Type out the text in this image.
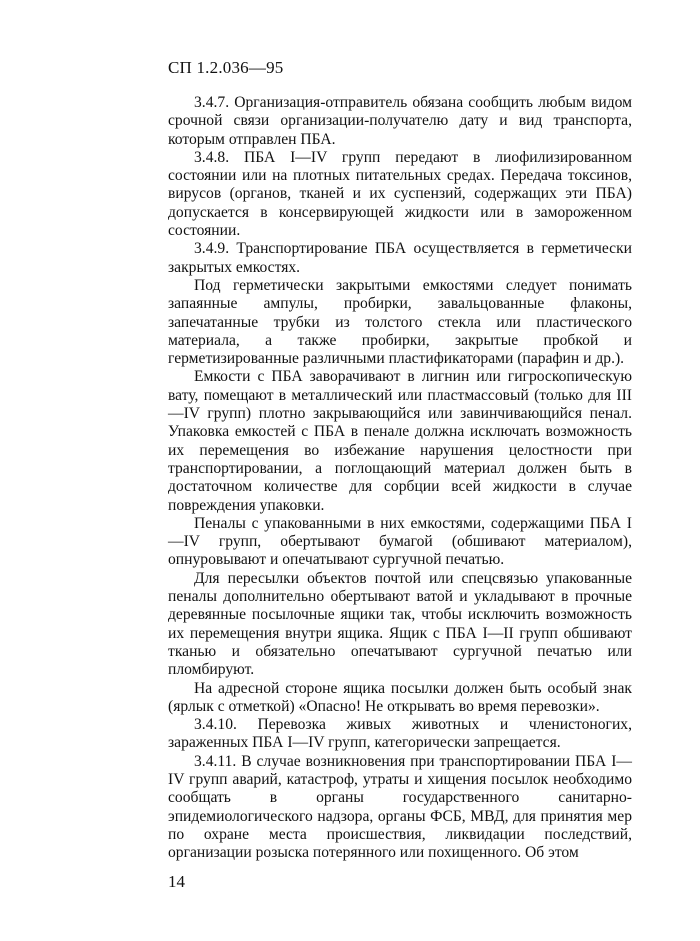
СП 1.2.036—95

3.4.7. Организация-отправитель обязана сообщить любым видом срочной связи организации-получателю дату и вид транспорта, которым отправлен ПБА.

3.4.8. ПБА I—IV групп передают в лиофилизированном состоянии или на плотных питательных средах. Передача токсинов, вирусов (органов, тканей и их суспензий, содержащих эти ПБА) допускается в консервирующей жидкости или в замороженном состоянии.

3.4.9. Транспортирование ПБА осуществляется в герметически закрытых емкостях.

Под герметически закрытыми емкостями следует понимать запаянные ампулы, пробирки, завальцованные флаконы, запечатанные трубки из толстого стекла или пластического материала, а также пробирки, закрытые пробкой и герметизированные различными пластификаторами (парафин и др.).

Емкости с ПБА заворачивают в лигнин или гигроскопическую вату, помещают в металлический или пластмассовый (только для III—IV групп) плотно закрывающийся или завинчивающийся пенал. Упаковка емкостей с ПБА в пенале должна исключать возможность их перемещения во избежание нарушения целостности при транспортировании, а поглощающий материал должен быть в достаточном количестве для сорбции всей жидкости в случае повреждения упаковки.

Пеналы с упакованными в них емкостями, содержащими ПБА I—IV групп, обертывают бумагой (обшивают материалом), опнуровывают и опечатывают сургучной печатью.

Для пересылки объектов почтой или спецсвязью упакованные пеналы дополнительно обертывают ватой и укладывают в прочные деревянные посылочные ящики так, чтобы исключить возможность их перемещения внутри ящика. Ящик с ПБА I—II групп обшивают тканью и обязательно опечатывают сургучной печатью или пломбируют.

На адресной стороне ящика посылки должен быть особый знак (ярлык с отметкой) «Опасно! Не открывать во время перевозки».

3.4.10. Перевозка живых животных и членистоногих, зараженных ПБА I—IV групп, категорически запрещается.

3.4.11. В случае возникновения при транспортировании ПБА I—IV групп аварий, катастроф, утраты и хищения посылок необходимо сообщать в органы государственного санитарно-эпидемиологического надзора, органы ФСБ, МВД, для принятия мер по охране места происшествия, ликвидации последствий, организации розыска потерянного или похищенного. Об этом

14
